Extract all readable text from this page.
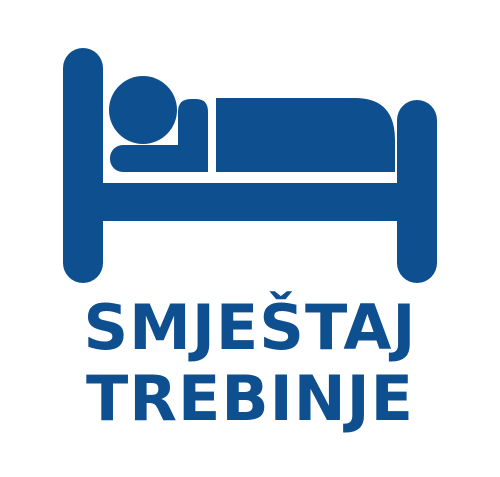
SMJEŠTAJ
TREBINJE
